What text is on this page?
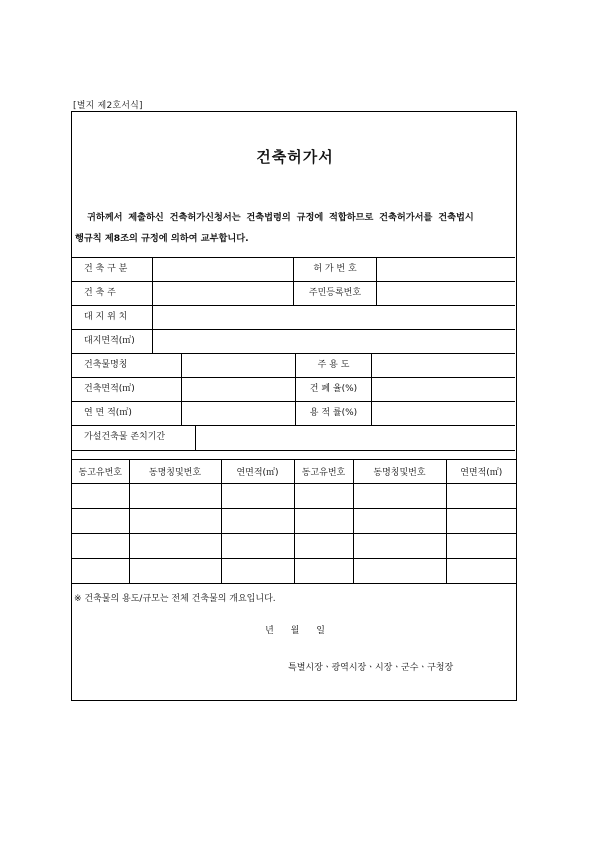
[별지 제2호서식]
건축허가서
귀하께서 제출하신 건축허가신청서는 건축법령의 규정에 적합하므로 건축허가서를 건축법시
행규칙 제8조의 규정에 의하여 교부합니다.
건 축 구 분	허 가 번 호
건 축 주	주민등록번호
대 지 위 치
대지면적(㎡)
건축물명칭	주 용 도
건축면적(㎡)	건 폐 율(%)
연 면 적(㎡)	용 적 률(%)
가설건축물 존치기간
동고유번호	동명칭및번호	연면적(㎡)	동고유번호	동명칭및번호	연면적(㎡)

※ 건축물의 용도/규모는 전체 건축물의 개요입니다.
년 월 일
특별시장ㆍ광역시장ㆍ시장ㆍ군수ㆍ구청장
